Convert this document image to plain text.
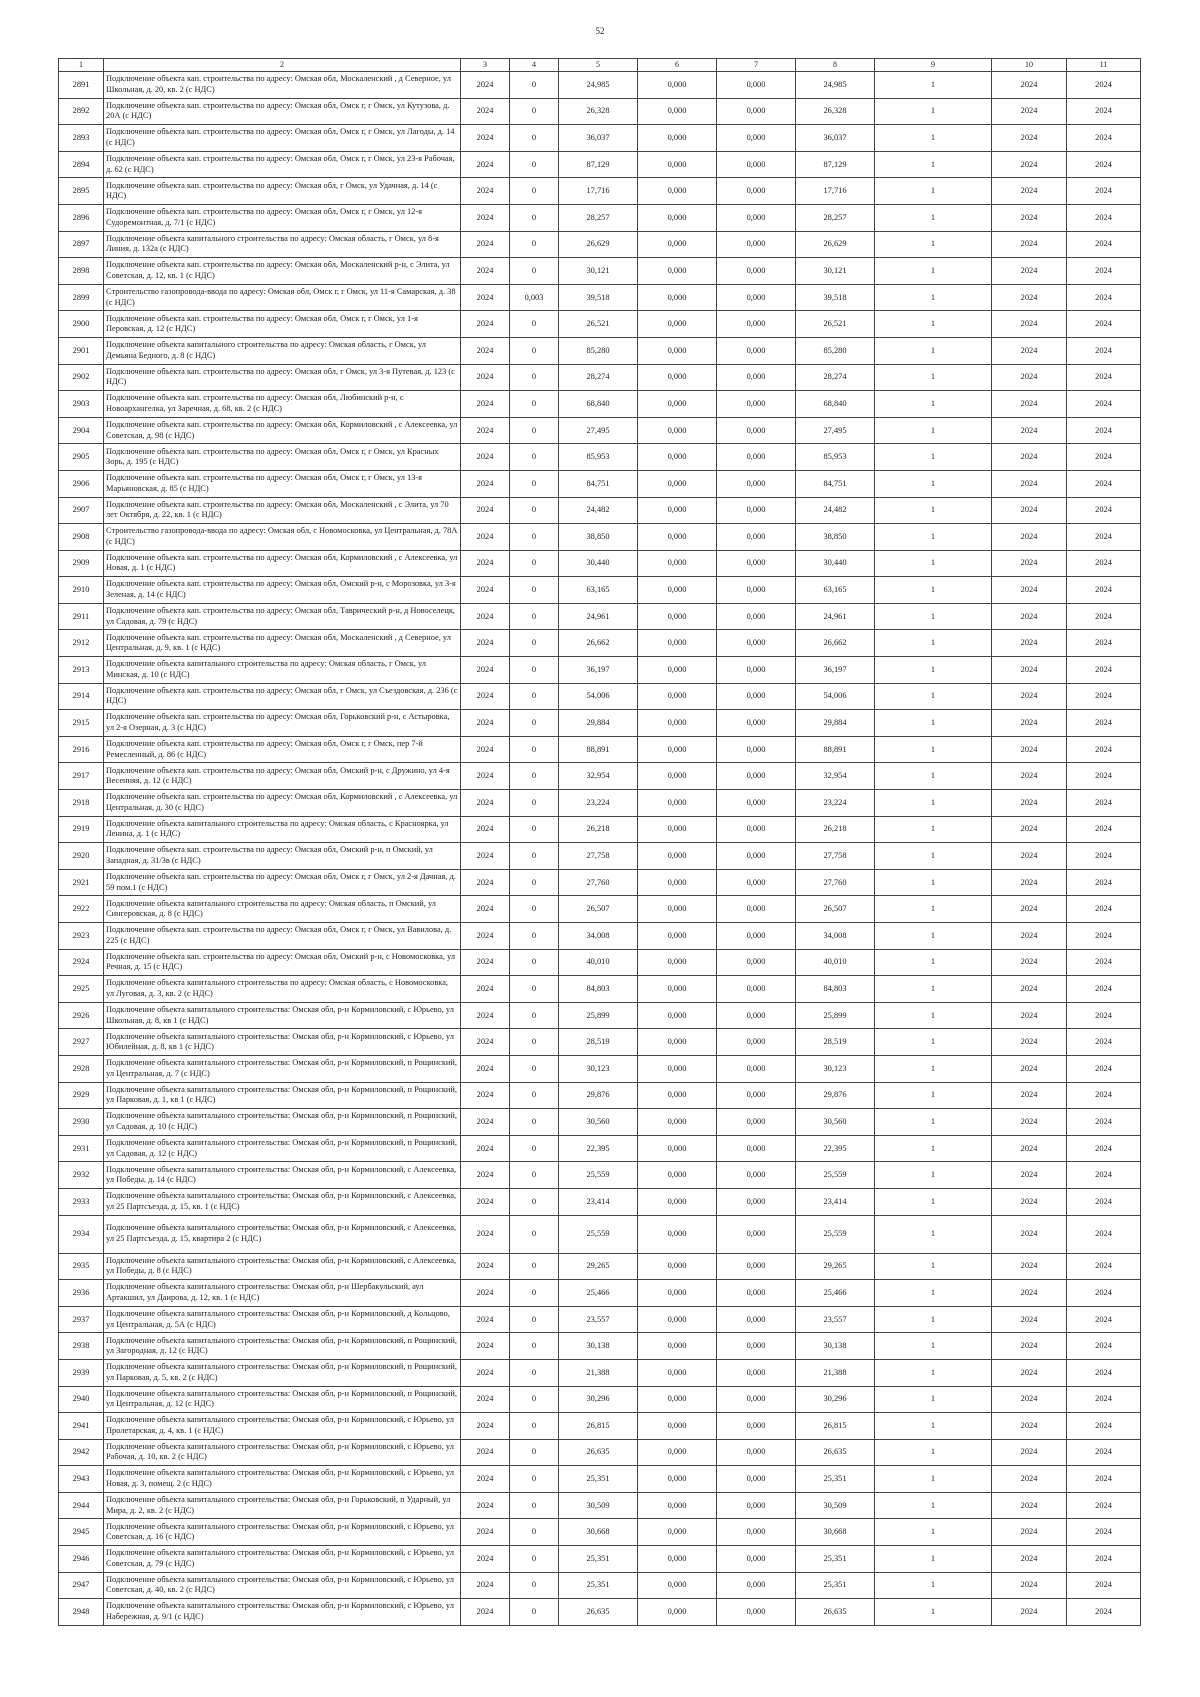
52
1	2	3	4	5	6	7	8	9	10	11
2891	Подключение объекта кап. строительства по адресу: Омская обл, Москаленский , д Северное, ул Школьная, д. 20, кв. 2 (с НДС)	2024	0	24,985	0,000	0,000	24,985	1	2024	2024
2892	Подключение объекта кап. строительства по адресу: Омская обл, Омск г, г Омск, ул Кутузова, д. 20А (с НДС)	2024	0	26,328	0,000	0,000	26,328	1	2024	2024
2893	Подключение объекта кап. строительства по адресу: Омская обл, Омск г, г Омск, ул Лагоды, д. 14 (с НДС)	2024	0	36,037	0,000	0,000	36,037	1	2024	2024
2894	Подключение объекта кап. строительства по адресу: Омская обл, Омск г, г Омск, ул 23-я Рабочая, д. 62 (с НДС)	2024	0	87,129	0,000	0,000	87,129	1	2024	2024
2895	Подключение объекта кап. строительства по адресу: Омская обл, г Омск, ул Удачная, д. 14 (с НДС)	2024	0	17,716	0,000	0,000	17,716	1	2024	2024
2896	Подключение объекта кап. строительства по адресу: Омская обл, Омск г, г Омск, ул 12-я Судоремонтная, д. 7/1 (с НДС)	2024	0	28,257	0,000	0,000	28,257	1	2024	2024
2897	Подключение объекта капитального строительства по адресу: Омская область, г Омск, ул 8-я Линия, д. 132а (с НДС)	2024	0	26,629	0,000	0,000	26,629	1	2024	2024
2898	Подключение объекта кап. строительства по адресу: Омская обл, Москаленский р-н, с Элита, ул Советская, д. 12, кв. 1 (с НДС)	2024	0	30,121	0,000	0,000	30,121	1	2024	2024
2899	Строительство газопровода-ввода по адресу: Омская обл, Омск г, г Омск, ул 11-я Самарская, д. 38 (с НДС)	2024	0,003	39,518	0,000	0,000	39,518	1	2024	2024
2900	Подключение объекта кап. строительства по адресу: Омская обл, Омск г, г Омск, ул 1-я Перовская, д. 12 (с НДС)	2024	0	26,521	0,000	0,000	26,521	1	2024	2024
2901	Подключение объекта капитального строительства по адресу: Омская область, г Омск, ул Демьяна Бедного, д. 8 (с НДС)	2024	0	85,280	0,000	0,000	85,280	1	2024	2024
2902	Подключение объекта кап. строительства по адресу: Омская обл, г Омск, ул 3-я Путевая, д. 123 (с НДС)	2024	0	28,274	0,000	0,000	28,274	1	2024	2024
2903	Подключение объекта кап. строительства по адресу: Омская обл, Любинский р-н, с Новоархангелка, ул Заречная, д. 68, кв. 2 (с НДС)	2024	0	68,840	0,000	0,000	68,840	1	2024	2024
2904	Подключение объекта кап. строительства по адресу: Омская обл, Кормиловский , с Алексеевка, ул Советская, д. 98 (с НДС)	2024	0	27,495	0,000	0,000	27,495	1	2024	2024
2905	Подключение объекта кап. строительства по адресу: Омская обл, Омск г, г Омск, ул Красных Зорь, д. 195 (с НДС)	2024	0	85,953	0,000	0,000	85,953	1	2024	2024
2906	Подключение объекта кап. строительства по адресу: Омская обл, Омск г, г Омск, ул 13-я Марьяновская, д. 85 (с НДС)	2024	0	84,751	0,000	0,000	84,751	1	2024	2024
2907	Подключение объекта кап. строительства по адресу: Омская обл, Москаленский , с Элита, ул 70 лет Октября, д. 22, кв. 1 (с НДС)	2024	0	24,482	0,000	0,000	24,482	1	2024	2024
2908	Строительство газопровода-ввода по адресу: Омская обл, с Новомосковка, ул Центральная, д. 78А (с НДС)	2024	0	38,850	0,000	0,000	38,850	1	2024	2024
2909	Подключение объекта кап. строительства по адресу: Омская обл, Кормиловский , с Алексеевка, ул Новая, д. 1 (с НДС)	2024	0	30,440	0,000	0,000	30,440	1	2024	2024
2910	Подключение объекта кап. строительства по адресу: Омская обл, Омский р-н, с Морозовка, ул 3-я Зеленая, д. 14 (с НДС)	2024	0	63,165	0,000	0,000	63,165	1	2024	2024
2911	Подключение объекта кап. строительства по адресу: Омская обл, Таврический р-н, д Новоселецк, ул Садовая, д. 79 (с НДС)	2024	0	24,961	0,000	0,000	24,961	1	2024	2024
2912	Подключение объекта кап. строительства по адресу: Омская обл, Москаленский , д Северное, ул Центральная, д. 9, кв. 1 (с НДС)	2024	0	26,662	0,000	0,000	26,662	1	2024	2024
2913	Подключение объекта капитального строительства по адресу: Омская область, г Омск, ул Минская, д. 10 (с НДС)	2024	0	36,197	0,000	0,000	36,197	1	2024	2024
2914	Подключение объекта кап. строительства по адресу: Омская обл, г Омск, ул Съездовская, д. 236 (с НДС)	2024	0	54,006	0,000	0,000	54,006	1	2024	2024
2915	Подключение объекта кап. строительства по адресу: Омская обл, Горьковский р-н, с Астыровка, ул 2-я Озерная, д. 3 (с НДС)	2024	0	29,884	0,000	0,000	29,884	1	2024	2024
2916	Подключение объекта кап. строительства по адресу: Омская обл, Омск г, г Омск, пер 7-й Ремесленный, д. 86 (с НДС)	2024	0	88,891	0,000	0,000	88,891	1	2024	2024
2917	Подключение объекта кап. строительства по адресу: Омская обл, Омский р-н, с Дружино, ул 4-я Весенняя, д. 12 (с НДС)	2024	0	32,954	0,000	0,000	32,954	1	2024	2024
2918	Подключение объекта кап. строительства по адресу: Омская обл, Кормиловский , с Алексеевка, ул Центральная, д. 30 (с НДС)	2024	0	23,224	0,000	0,000	23,224	1	2024	2024
2919	Подключение объекта капитального строительства по адресу: Омская область, с Красноярка, ул Ленина, д. 1 (с НДС)	2024	0	26,218	0,000	0,000	26,218	1	2024	2024
2920	Подключение объекта кап. строительства по адресу: Омская обл, Омский р-н, п Омский, ул Западная, д. 31/3в (с НДС)	2024	0	27,758	0,000	0,000	27,758	1	2024	2024
2921	Подключение объекта кап. строительства по адресу: Омская обл, Омск г, г Омск, ул 2-я Дачная, д. 59 пом.1 (с НДС)	2024	0	27,760	0,000	0,000	27,760	1	2024	2024
2922	Подключение объекта капитального строительства по адресу: Омская область, п Омский, ул Сингеровская, д. 8 (с НДС)	2024	0	26,507	0,000	0,000	26,507	1	2024	2024
2923	Подключение объекта кап. строительства по адресу: Омская обл, Омск г, г Омск, ул Вавилова, д. 225 (с НДС)	2024	0	34,008	0,000	0,000	34,008	1	2024	2024
2924	Подключение объекта кап. строительства по адресу: Омская обл, Омский р-н, с Новомосковка, ул Речная, д. 15 (с НДС)	2024	0	40,010	0,000	0,000	40,010	1	2024	2024
2925	Подключение объекта капитального строительства по адресу: Омская область, с Новомосковка, ул Луговая, д. 3, кв. 2 (с НДС)	2024	0	84,803	0,000	0,000	84,803	1	2024	2024
2926	Подключение объекта капитального строительства: Омская обл, р-н Кормиловский, с Юрьево, ул Школьная, д. 8, кв 1 (с НДС)	2024	0	25,899	0,000	0,000	25,899	1	2024	2024
2927	Подключение объекта капитального строительства: Омская обл, р-н Кормиловский, с Юрьево, ул Юбилейная, д. 8, кв 1 (с НДС)	2024	0	28,519	0,000	0,000	28,519	1	2024	2024
2928	Подключение объекта капитального строительства: Омская обл, р-н Кормиловский, п Рощинский, ул Центральная, д. 7 (с НДС)	2024	0	30,123	0,000	0,000	30,123	1	2024	2024
2929	Подключение объекта капитального строительства: Омская обл, р-н Кормиловский, п Рощинский, ул Парковая, д. 1, кв 1 (с НДС)	2024	0	29,876	0,000	0,000	29,876	1	2024	2024
2930	Подключение объекта капитального строительства: Омская обл, р-н Кормиловский, п Рощинский, ул Садовая, д. 10 (с НДС)	2024	0	30,560	0,000	0,000	30,560	1	2024	2024
2931	Подключение объекта капитального строительства: Омская обл, р-н Кормиловский, п Рощинский, ул Садовая, д. 12 (с НДС)	2024	0	22,395	0,000	0,000	22,395	1	2024	2024
2932	Подключение объекта капитального строительства: Омская обл, р-н Кормиловский, с Алексеевка, ул Победы, д. 14 (с НДС)	2024	0	25,559	0,000	0,000	25,559	1	2024	2024
2933	Подключение объекта капитального строительства: Омская обл, р-н Кормиловский, с Алексеевка, ул 25 Партсъезда, д. 15, кв. 1 (с НДС)	2024	0	23,414	0,000	0,000	23,414	1	2024	2024
2934	Подключение объекта капитального строительства: Омская обл, р-н Кормиловский, с Алексеевка, ул 25 Партсъезда, д. 15, квартира 2 (с НДС)	2024	0	25,559	0,000	0,000	25,559	1	2024	2024
2935	Подключение объекта капитального строительства: Омская обл, р-н Кормиловский, с Алексеевка, ул Победы, д. 8 (с НДС)	2024	0	29,265	0,000	0,000	29,265	1	2024	2024
2936	Подключение объекта капитального строительства: Омская обл, р-н Шербакульский, аул Артакшил, ул Даирова, д. 12, кв. 1 (с НДС)	2024	0	25,466	0,000	0,000	25,466	1	2024	2024
2937	Подключение объекта капитального строительства: Омская обл, р-н Кормиловский, д Кольцово, ул Центральная, д. 5А (с НДС)	2024	0	23,557	0,000	0,000	23,557	1	2024	2024
2938	Подключение объекта капитального строительства: Омская обл, р-н Кормиловский, п Рощинский, ул Загородная, д. 12 (с НДС)	2024	0	30,138	0,000	0,000	30,138	1	2024	2024
2939	Подключение объекта капитального строительства: Омская обл, р-н Кормиловский, п Рощинский, ул Парковая, д. 5, кв. 2 (с НДС)	2024	0	21,388	0,000	0,000	21,388	1	2024	2024
2940	Подключение объекта капитального строительства: Омская обл, р-н Кормиловский, п Рощинский, ул Центральная, д. 12 (с НДС)	2024	0	30,296	0,000	0,000	30,296	1	2024	2024
2941	Подключение объекта капитального строительства: Омская обл, р-н Кормиловский, с Юрьево, ул Пролетарская, д. 4, кв. 1 (с НДС)	2024	0	26,815	0,000	0,000	26,815	1	2024	2024
2942	Подключение объекта капитального строительства: Омская обл, р-н Кормиловский, с Юрьево, ул Рабочая, д. 10, кв. 2 (с НДС)	2024	0	26,635	0,000	0,000	26,635	1	2024	2024
2943	Подключение объекта капитального строительства: Омская обл, р-н Кормиловский, с Юрьево, ул Новая, д. 3, помещ. 2 (с НДС)	2024	0	25,351	0,000	0,000	25,351	1	2024	2024
2944	Подключение объекта капитального строительства: Омская обл, р-н Горьковский, п Ударный, ул Мира, д. 2, кв. 2 (с НДС)	2024	0	30,509	0,000	0,000	30,509	1	2024	2024
2945	Подключение объекта капитального строительства: Омская обл, р-н Кормиловский, с Юрьево, ул Советская, д. 16 (с НДС)	2024	0	30,668	0,000	0,000	30,668	1	2024	2024
2946	Подключение объекта капитального строительства: Омская обл, р-н Кормиловский, с Юрьево, ул Советская, д. 79 (с НДС)	2024	0	25,351	0,000	0,000	25,351	1	2024	2024
2947	Подключение объекта капитального строительства: Омская обл, р-н Кормиловский, с Юрьево, ул Советская, д. 40, кв. 2 (с НДС)	2024	0	25,351	0,000	0,000	25,351	1	2024	2024
2948	Подключение объекта капитального строительства: Омская обл, р-н Кормиловский, с Юрьево, ул Набережная, д. 9/1 (с НДС)	2024	0	26,635	0,000	0,000	26,635	1	2024	2024
